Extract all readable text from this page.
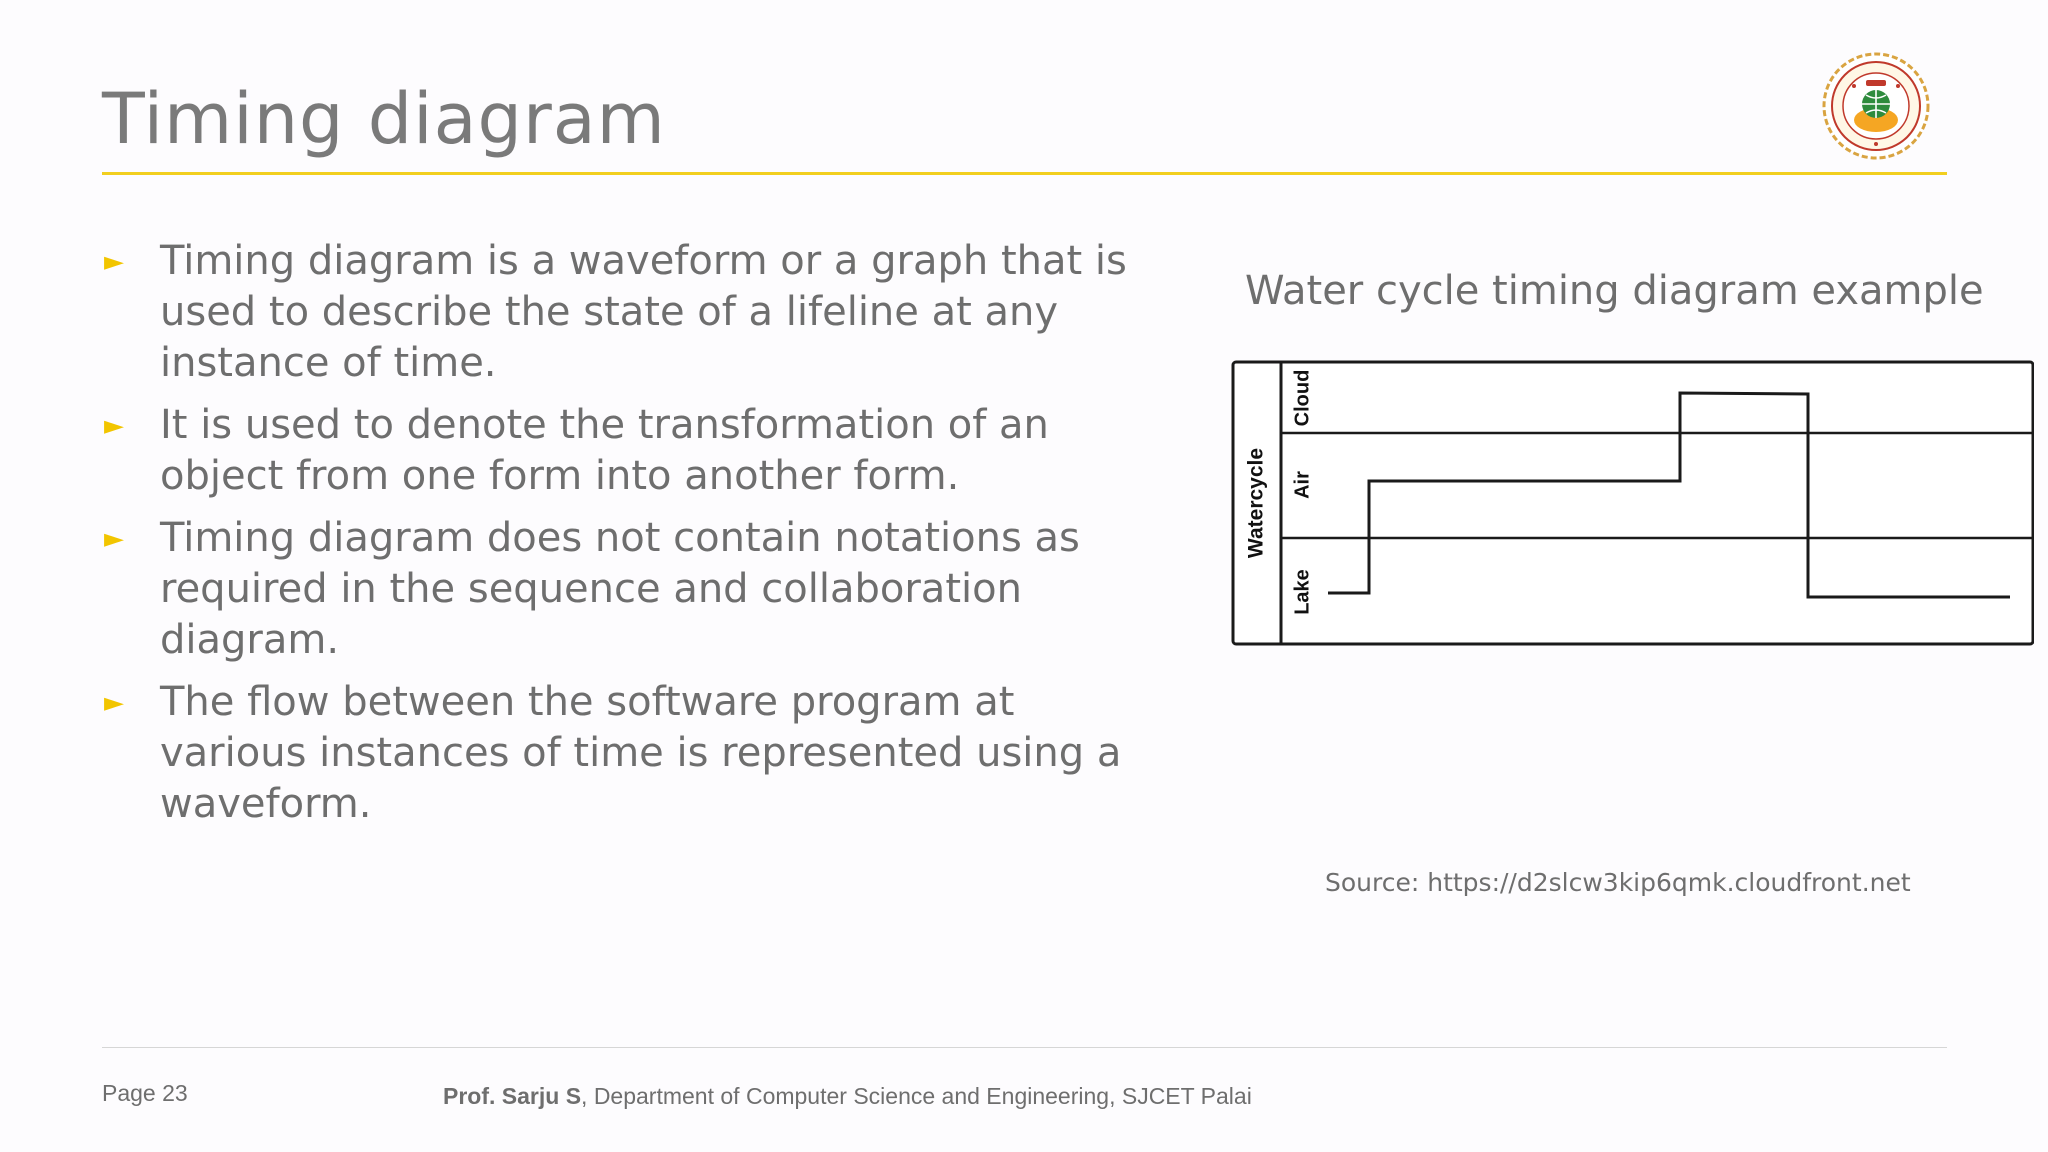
Timing diagram
► Timing diagram is a waveform or a graph that is used to describe the state of a lifeline at any instance of time.
► It is used to denote the transformation of an object from one form into another form.
► Timing diagram does not contain notations as required in the sequence and collaboration diagram.
► The flow between the software program at various instances of time is represented using a waveform.

Water cycle timing diagram example

Watercycle
Cloud
Air
Lake
Source: https://d2slcw3kip6qmk.cloudfront.net
Page 23	Prof. Sarju S, Department of Computer Science and Engineering, SJCET Palai
